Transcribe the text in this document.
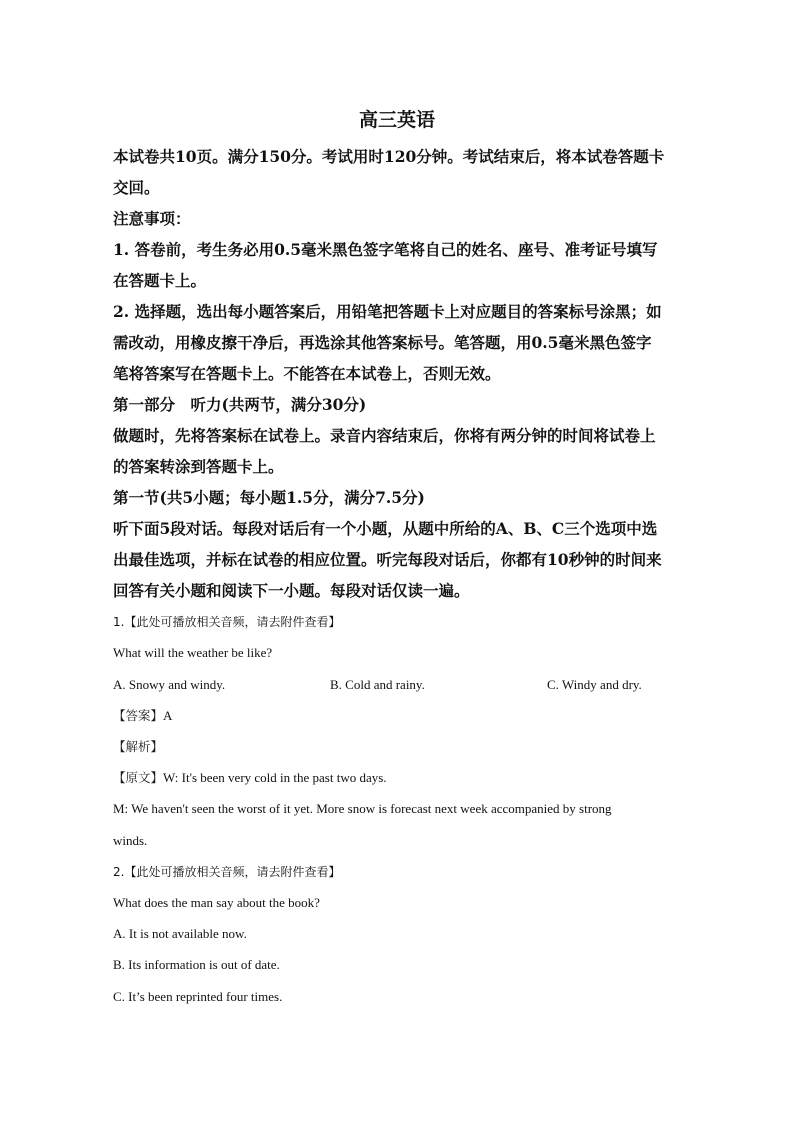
高三英语
本试卷共10页。满分150分。考试用时120分钟。考试结束后，将本试卷答题卡
交回。
注意事项：
1. 答卷前，考生务必用0.5毫米黑色签字笔将自己的姓名、座号、准考证号填写
在答题卡上。
2. 选择题，选出每小题答案后，用铅笔把答题卡上对应题目的答案标号涂黑；如
需改动，用橡皮擦干净后，再选涂其他答案标号。笔答题，用0.5毫米黑色签字
笔将答案写在答题卡上。不能答在本试卷上，否则无效。
第一部分　听力(共两节，满分30分)
做题时，先将答案标在试卷上。录音内容结束后，你将有两分钟的时间将试卷上
的答案转涂到答题卡上。
第一节(共5小题；每小题1.5分，满分7.5分)
听下面5段对话。每段对话后有一个小题，从题中所给的A、B、C三个选项中选
出最佳选项，并标在试卷的相应位置。听完每段对话后，你都有10秒钟的时间来
回答有关小题和阅读下一小题。每段对话仅读一遍。
1.【此处可播放相关音频，请去附件查看】
What will the weather be like?
A. Snowy and windy.	B. Cold and rainy.	C. Windy and dry.
【答案】A
【解析】
【原文】W: It's been very cold in the past two days.
M: We haven't seen the worst of it yet. More snow is forecast next week accompanied by strong
winds.
2.【此处可播放相关音频，请去附件查看】
What does the man say about the book?
A. It is not available now.
B. Its information is out of date.
C. It’s been reprinted four times.
